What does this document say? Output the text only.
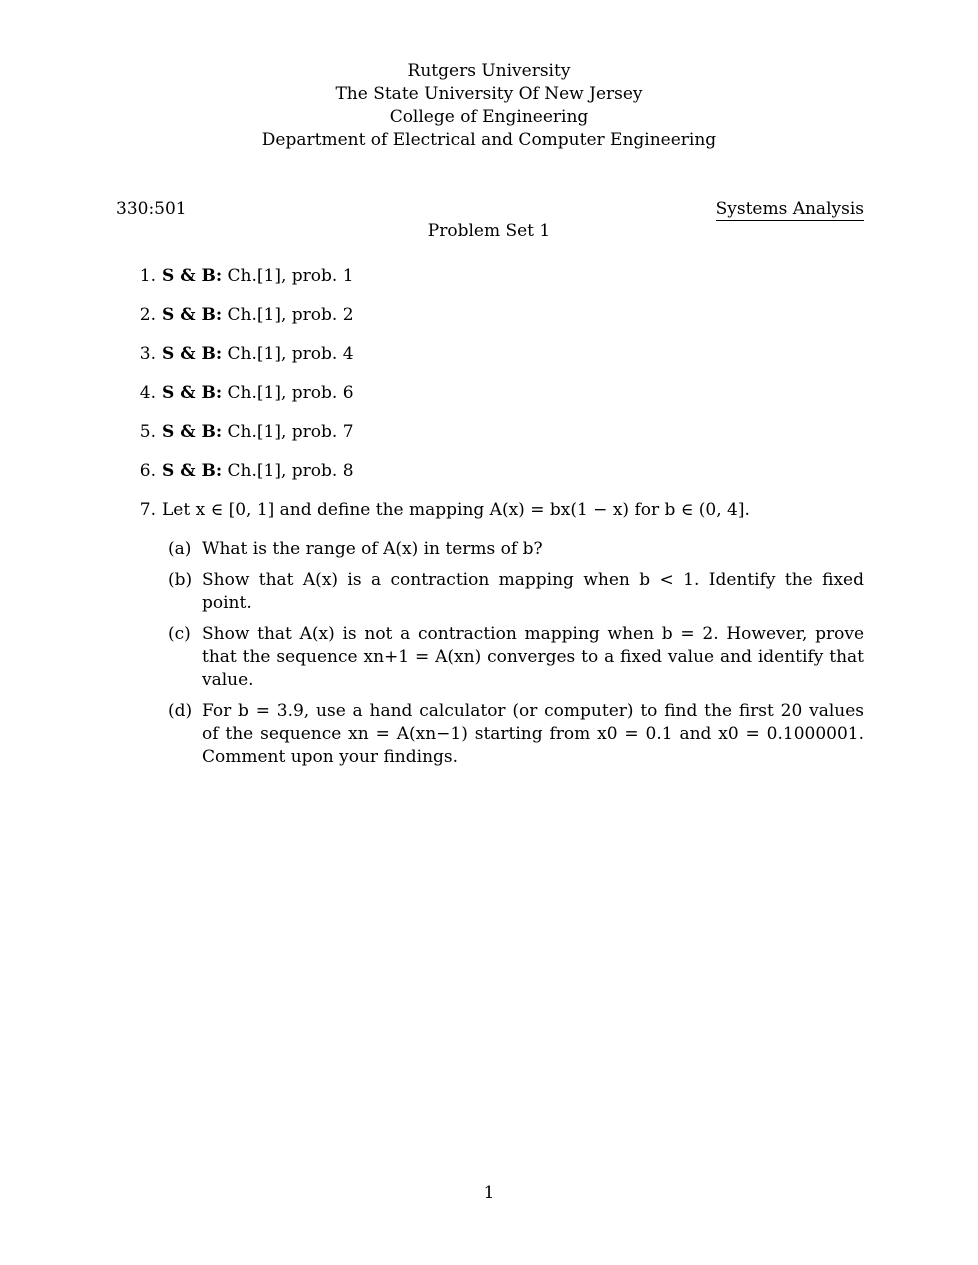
Rutgers University
The State University Of New Jersey
College of Engineering
Department of Electrical and Computer Engineering
330:501	Systems Analysis
Problem Set 1
1. S & B: Ch.[1], prob. 1
2. S & B: Ch.[1], prob. 2
3. S & B: Ch.[1], prob. 4
4. S & B: Ch.[1], prob. 6
5. S & B: Ch.[1], prob. 7
6. S & B: Ch.[1], prob. 8
7. Let x ∈ [0, 1] and define the mapping A(x) = bx(1 − x) for b ∈ (0, 4].
(a) What is the range of A(x) in terms of b?
(b) Show that A(x) is a contraction mapping when b < 1. Identify the fixed point.
(c) Show that A(x) is not a contraction mapping when b = 2. However, prove that the sequence xn+1 = A(xn) converges to a fixed value and identify that value.
(d) For b = 3.9, use a hand calculator (or computer) to find the first 20 values of the sequence xn = A(xn−1) starting from x0 = 0.1 and x0 = 0.1000001. Comment upon your findings.
1
